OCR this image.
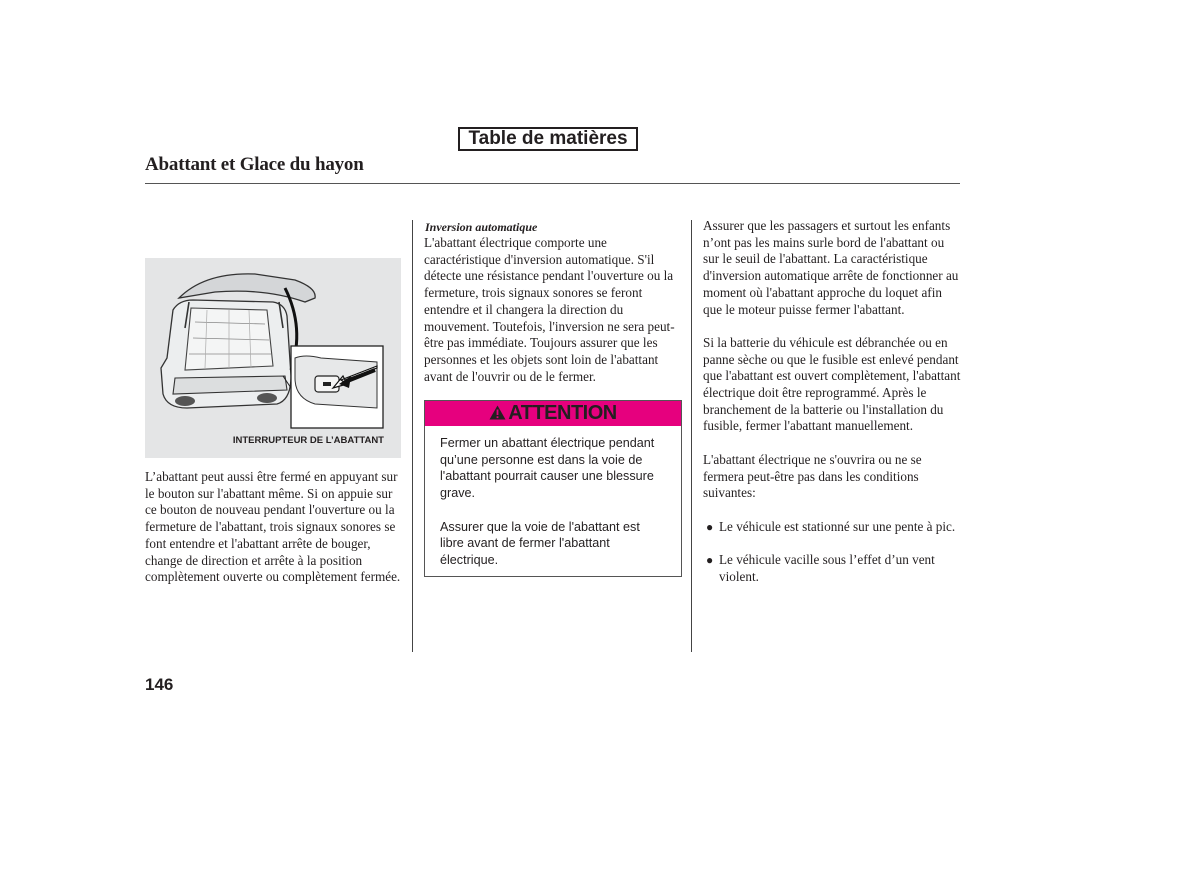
Table de matières
Abattant et Glace du hayon
INTERRUPTEUR DE L’ABATTANT

L’abattant peut aussi être fermé en appuyant sur le bouton sur l'abattant même. Si on appuie sur ce bouton de nouveau pendant l'ouverture ou la fermeture de l'abattant, trois signaux sonores se font entendre et l'abattant arrête de bouger, change de direction et arrête à la position complètement ouverte ou complètement fermée.

Inversion automatique

L'abattant électrique comporte une caractéristique d'inversion automatique. S'il détecte une résistance pendant l'ouverture ou la fermeture, trois signaux sonores se feront entendre et il changera la direction du mouvement. Toutefois, l'inversion ne sera peut-être pas immédiate. Toujours assurer que les personnes et les objets sont loin de l'abattant avant de l'ouvrir ou de le fermer.

ATTENTION

Fermer un abattant électrique pendant qu’une personne est dans la voie de l'abattant pourrait causer une blessure grave.

Assurer que la voie de l'abattant est libre avant de fermer l'abattant électrique.

Assurer que les passagers et surtout les enfants n’ont pas les mains surle bord de l'abattant ou sur le seuil de l'abattant. La caractéristique d'inversion automatique arrête de fonctionner au moment où l'abattant approche du loquet afin que le moteur puisse fermer l'abattant.

Si la batterie du véhicule est débranchée ou en panne sèche ou que le fusible est enlevé pendant que l'abattant est ouvert complètement, l'abattant électrique doit être reprogrammé. Après le branchement de la batterie ou l'installation du fusible, fermer l'abattant manuellement.

L'abattant électrique ne s'ouvrira ou ne se fermera peut-être pas dans les conditions suivantes:

● Le véhicule est stationné sur une pente à pic.
● Le véhicule vacille sous l’effet d’un vent violent.
146
